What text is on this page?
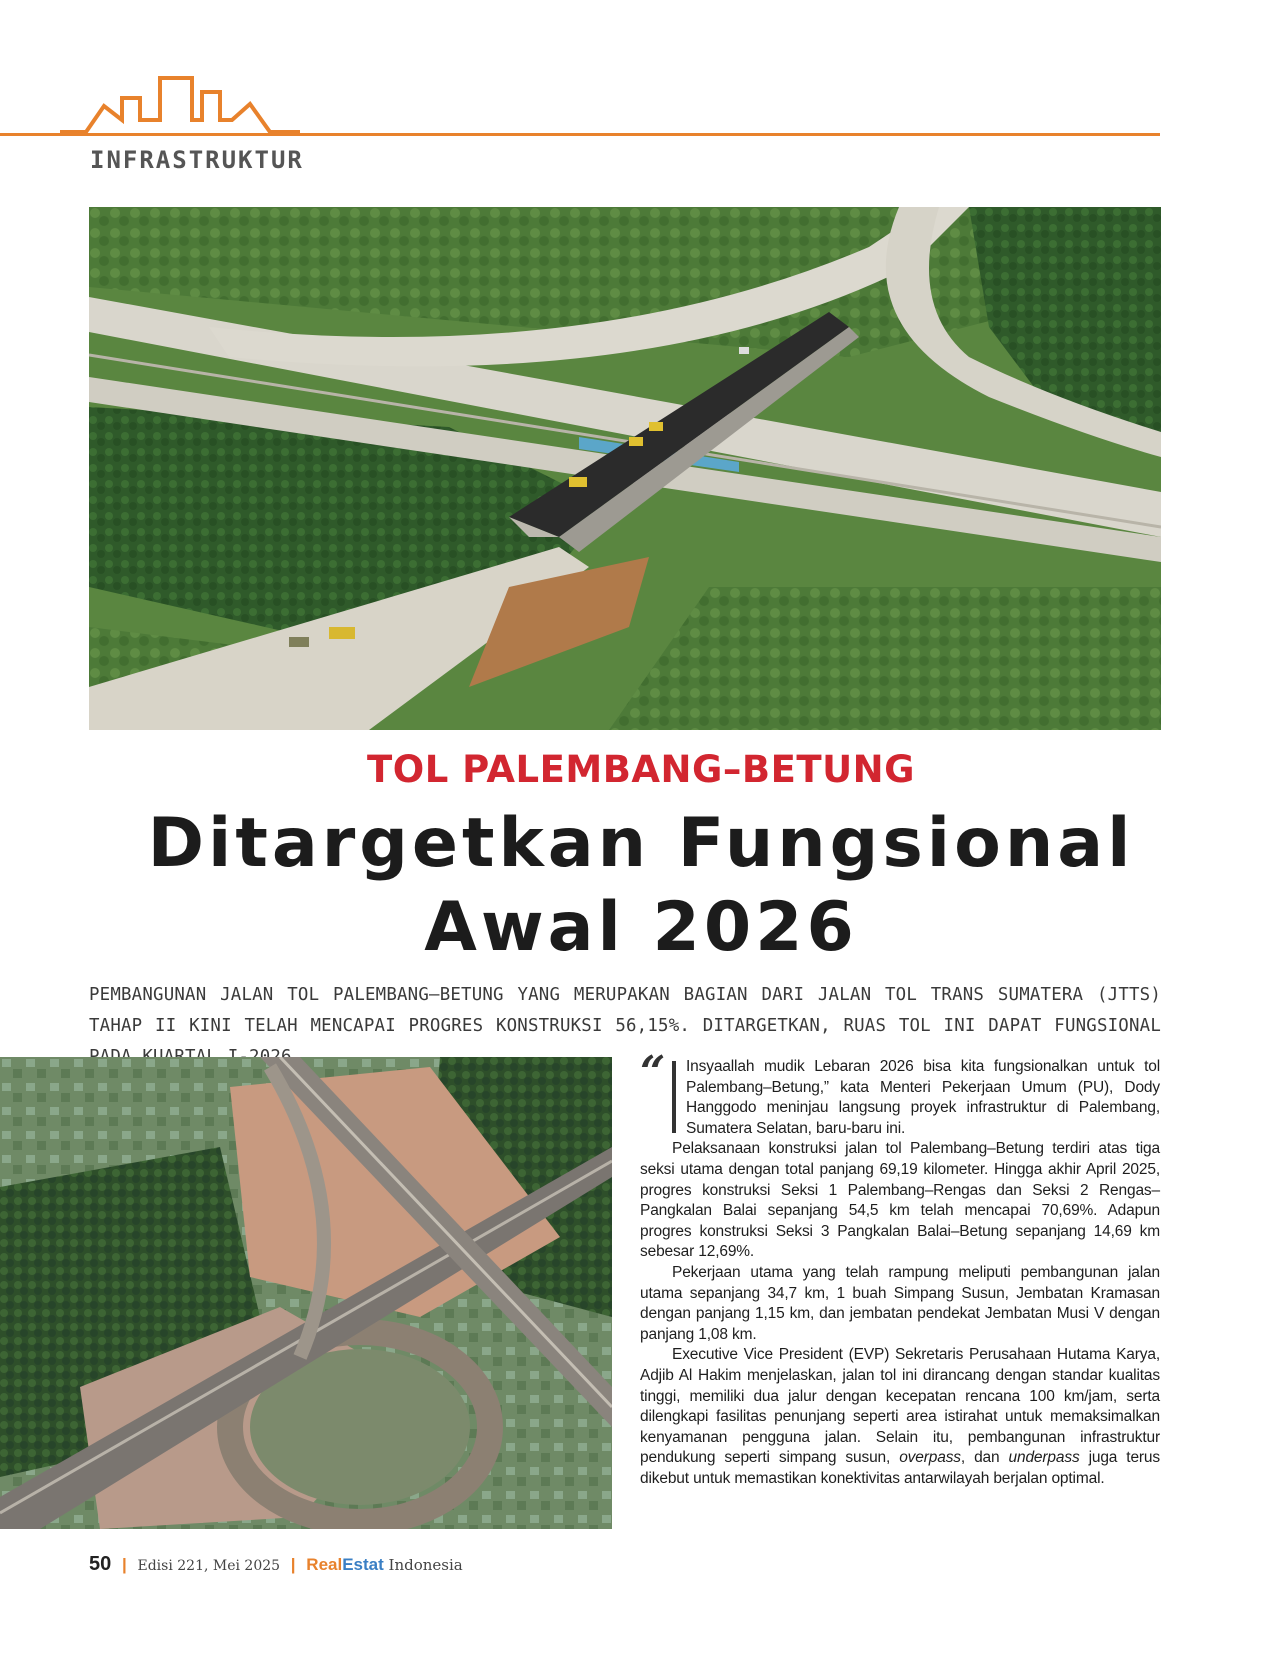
INFRASTRUKTUR
TOL PALEMBANG–BETUNG
Ditargetkan Fungsional
Awal 2026
PEMBANGUNAN JALAN TOL PALEMBANG–BETUNG YANG MERUPAKAN BAGIAN DARI JALAN TOL TRANS SUMATERA (JTTS) TAHAP II KINI TELAH MENCAPAI PROGRES KONSTRUKSI 56,15%. DITARGETKAN, RUAS TOL INI DAPAT FUNGSIONAL

“ Insyaallah mudik Lebaran 2026 bisa kita fungsionalkan untuk tol Palembang–Betung,” kata Menteri Pekerjaan Umum (PU), Dody Hanggodo meninjau langsung proyek infrastruktur di Palembang, Sumatera Selatan, baru-baru ini.

Pelaksanaan konstruksi jalan tol Palembang–Betung terdiri atas tiga seksi utama dengan total panjang 69,19 kilometer. Hingga akhir April 2025, progres konstruksi Seksi 1 Palembang–Rengas dan Seksi 2 Rengas–Pangkalan Balai sepanjang 54,5 km telah mencapai 70,69%. Adapun progres konstruksi Seksi 3 Pangkalan Balai–Betung sepanjang 14,69 km sebesar 12,69%.

Pekerjaan utama yang telah rampung meliputi pembangunan jalan utama sepanjang 34,7 km, 1 buah Simpang Susun, Jembatan Kramasan dengan panjang 1,15 km, dan jembatan pendekat Jembatan Musi V dengan panjang 1,08 km.

Executive Vice President (EVP) Sekretaris Perusahaan Hutama Karya, Adjib Al Hakim menjelaskan, jalan tol ini dirancang dengan standar kualitas tinggi, memiliki dua jalur dengan kecepatan rencana 100 km/jam, serta dilengkapi fasilitas penunjang seperti area istirahat untuk memaksimalkan kenyamanan pengguna jalan. Selain itu, pembangunan infrastruktur pendukung seperti simpang susun, overpass, dan underpass juga terus dikebut untuk memastikan konektivitas antarwilayah berjalan optimal.

50 | Edisi 221, Mei 2025 | RealEstat Indonesia
